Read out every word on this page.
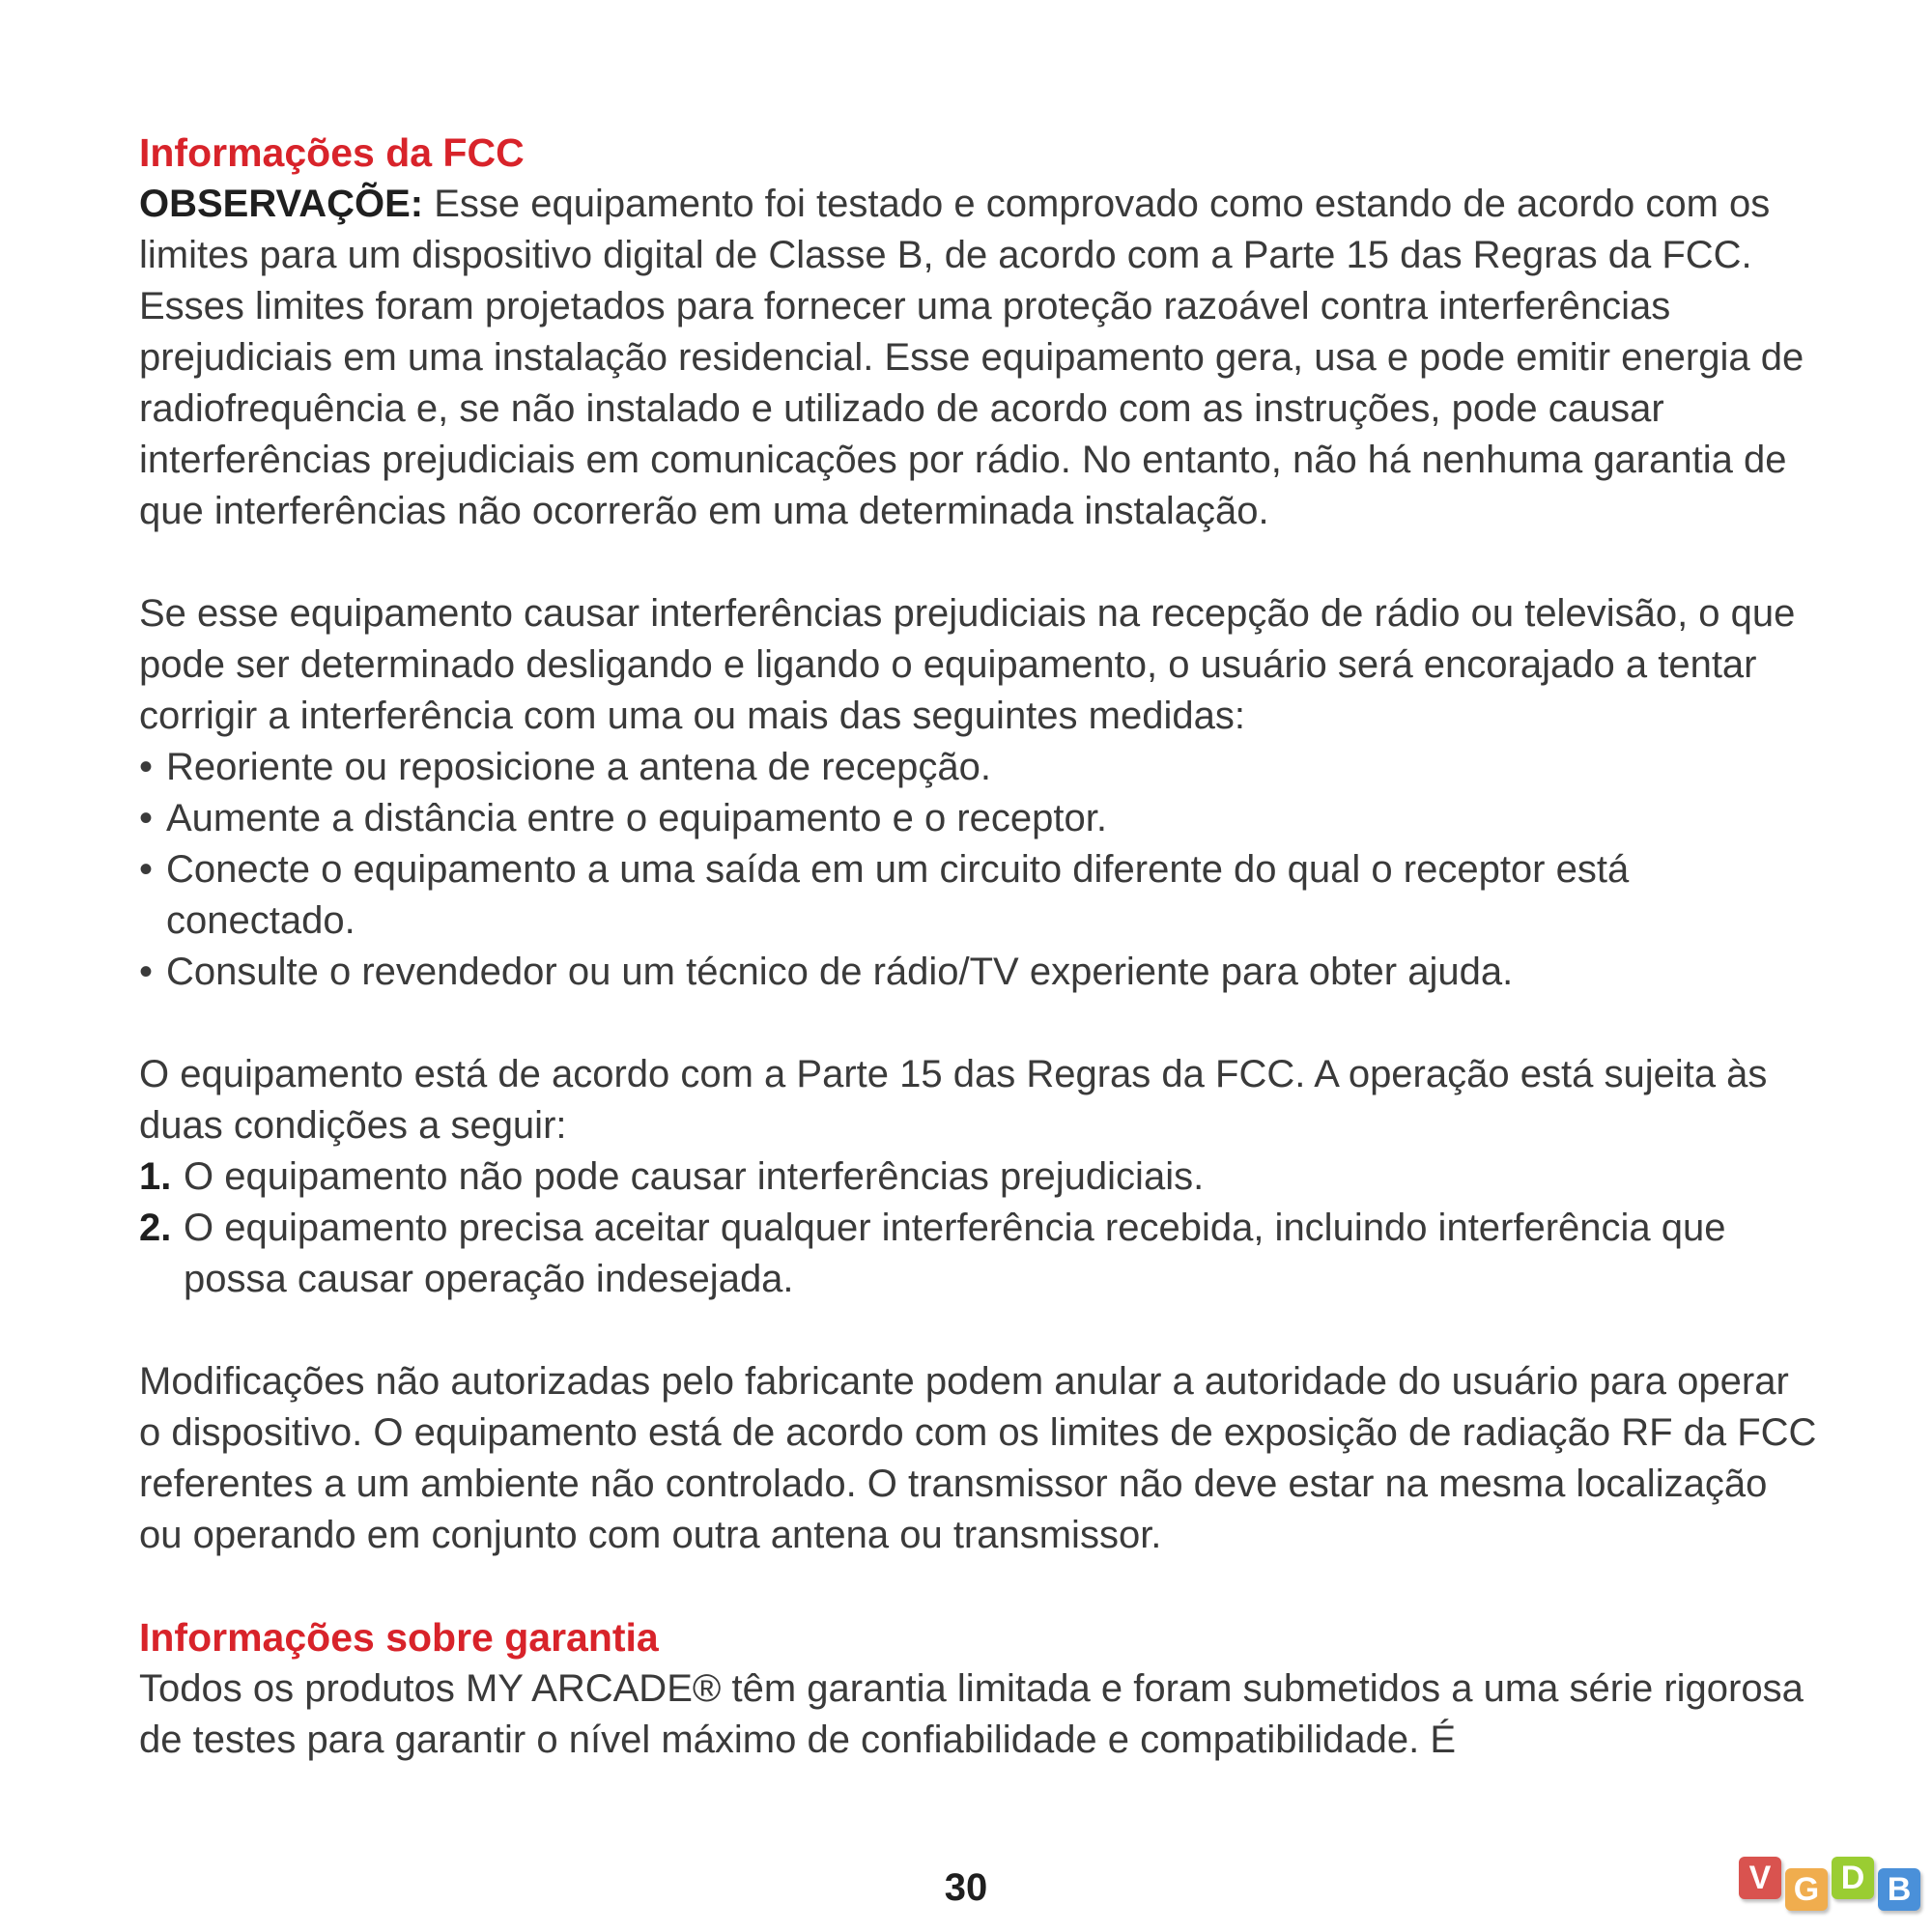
Informações da FCC

OBSERVAÇÕE: Esse equipamento foi testado e comprovado como estando de acordo com os limites para um dispositivo digital de Classe B, de acordo com a Parte 15 das Regras da FCC. Esses limites foram projetados para fornecer uma proteção razoável contra interferências prejudiciais em uma instalação residencial. Esse equipamento gera, usa e pode emitir energia de radiofrequência e, se não instalado e utilizado de acordo com as instruções, pode causar interferências prejudiciais em comunicações por rádio. No entanto, não há nenhuma garantia de que interferências não ocorrerão em uma determinada instalação.

Se esse equipamento causar interferências prejudiciais na recepção de rádio ou televisão, o que pode ser determinado desligando e ligando o equipamento, o usuário será encorajado a tentar corrigir a interferência com uma ou mais das seguintes medidas:

• Reoriente ou reposicione a antena de recepção.
• Aumente a distância entre o equipamento e o receptor.
• Conecte o equipamento a uma saída em um circuito diferente do qual o receptor está conectado.
• Consulte o revendedor ou um técnico de rádio/TV experiente para obter ajuda.

O equipamento está de acordo com a Parte 15 das Regras da FCC. A operação está sujeita às duas condições a seguir:

1. O equipamento não pode causar interferências prejudiciais.
2. O equipamento precisa aceitar qualquer interferência recebida, incluindo interferência que possa causar operação indesejada.

Modificações não autorizadas pelo fabricante podem anular a autoridade do usuário para operar o dispositivo. O equipamento está de acordo com os limites de exposição de radiação RF da FCC referentes a um ambiente não controlado. O transmissor não deve estar na mesma localização ou operando em conjunto com outra antena ou transmissor.

Informações sobre garantia

Todos os produtos MY ARCADE® têm garantia limitada e foram submetidos a uma série rigorosa de testes para garantir o nível máximo de confiabilidade e compatibilidade. É

30	V G D B
